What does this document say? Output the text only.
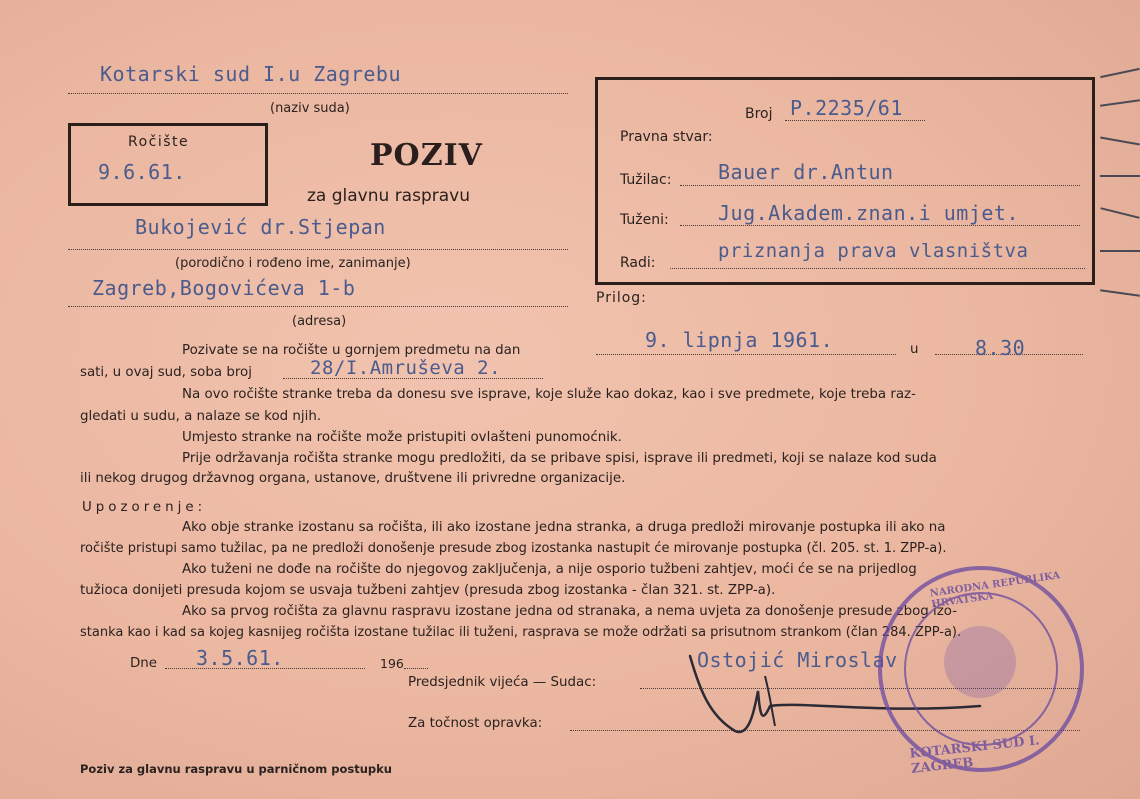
Kotarski sud I.u Zagrebu
(naziv suda)
Ročište
9.6.61.	POZIV
za glavnu raspravu
Bukojević dr.Stjepan
(porodično i rođeno ime, zanimanje)
Zagreb,Bogovićeva 1-b
(adresa)
Broj P.2235/61
Pravna stvar:
Tužilac: Bauer dr.Antun
Tuženi: Jug.Akadem.znan.i umjet.
Radi:
priznanja prava vlasništva
Prilog:
Pozivate se na ročište u gornjem predmetu na dan	9. lipnja 1961.	u	8.30
sati, u ovaj sud, soba broj	28/I.Amruševa 2.
Na ovo ročište stranke treba da donesu sve isprave, koje služe kao dokaz, kao i sve predmete, koje treba raz-
gledati u sudu, a nalaze se kod njih.
Umjesto stranke na ročište može pristupiti ovlašteni punomoćnik.
Prije održavanja ročišta stranke mogu predložiti, da se pribave spisi, isprave ili predmeti, koji se nalaze kod suda
ili nekog drugog državnog organa, ustanove, društvene ili privredne organizacije.
Upozorenje:
Ako obje stranke izostanu sa ročišta, ili ako izostane jedna stranka, a druga predloži mirovanje postupka ili ako na
ročište pristupi samo tužilac, pa ne predloži donošenje presude zbog izostanka nastupit će mirovanje postupka (čl. 205. st. 1. ZPP-a).
Ako tuženi ne dođe na ročište do njegovog zaključenja, a nije osporio tužbeni zahtjev, moći će se na prijedlog
tužioca donijeti presuda kojom se usvaja tužbeni zahtjev (presuda zbog izostanka - član 321. st. ZPP-a).
Ako sa prvog ročišta za glavnu raspravu izostane jedna od stranaka, a nema uvjeta za donošenje presude zbog izo-
stanka kao i kad sa kojeg kasnijeg ročišta izostane tužilac ili tuženi, rasprava se može održati sa prisutnom strankom (član 284. ZPP-a).
Dne 3.5.61.	196
Predsjednik vijeća — Sudac:
Ostojić Miroslav
Za točnost opravka:
Poziv za glavnu raspravu u parničnom postupku
NARODNA REPUBLIKA HRVATSKA
KOTARSKI SUD I. ZAGREB
